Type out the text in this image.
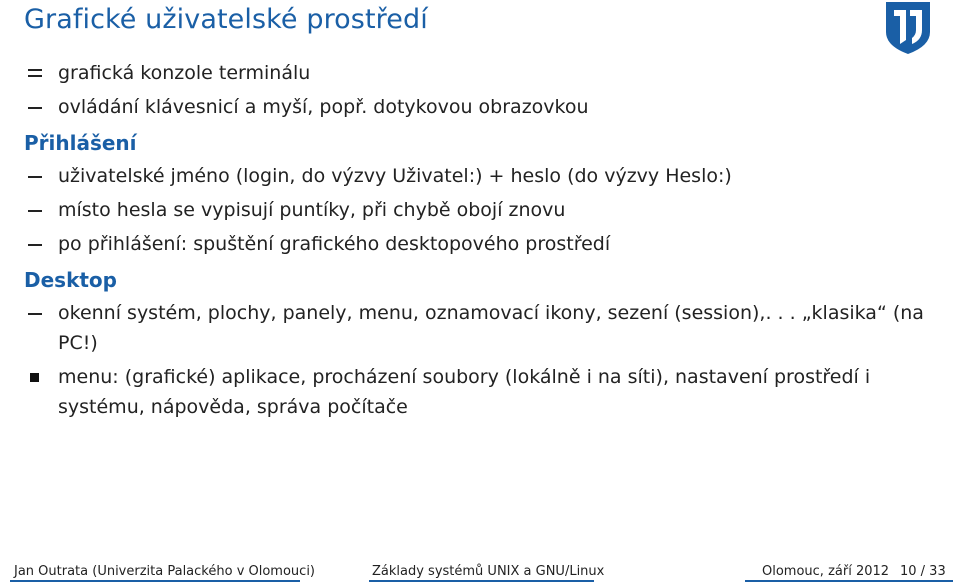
Grafické uživatelské prostředí
grafická konzole terminálu
ovládání klávesnicí a myší, popř. dotykovou obrazovkou
Přihlášení
uživatelské jméno (login, do výzvy Uživatel:) + heslo (do výzvy Heslo:)
místo hesla se vypisují puntíky, při chybě obojí znovu
po přihlášení: spuštění grafického desktopového prostředí
Desktop
okenní systém, plochy, panely, menu, oznamovací ikony, sezení (session),. . . „klasika“ (na PC!)
menu: (grafické) aplikace, procházení soubory (lokálně i na síti), nastavení prostředí i systému, nápověda, správa počítače
Jan Outrata (Univerzita Palackého v Olomouci)	Základy systémů UNIX a GNU/Linux	Olomouc, září 2012 10 / 33
